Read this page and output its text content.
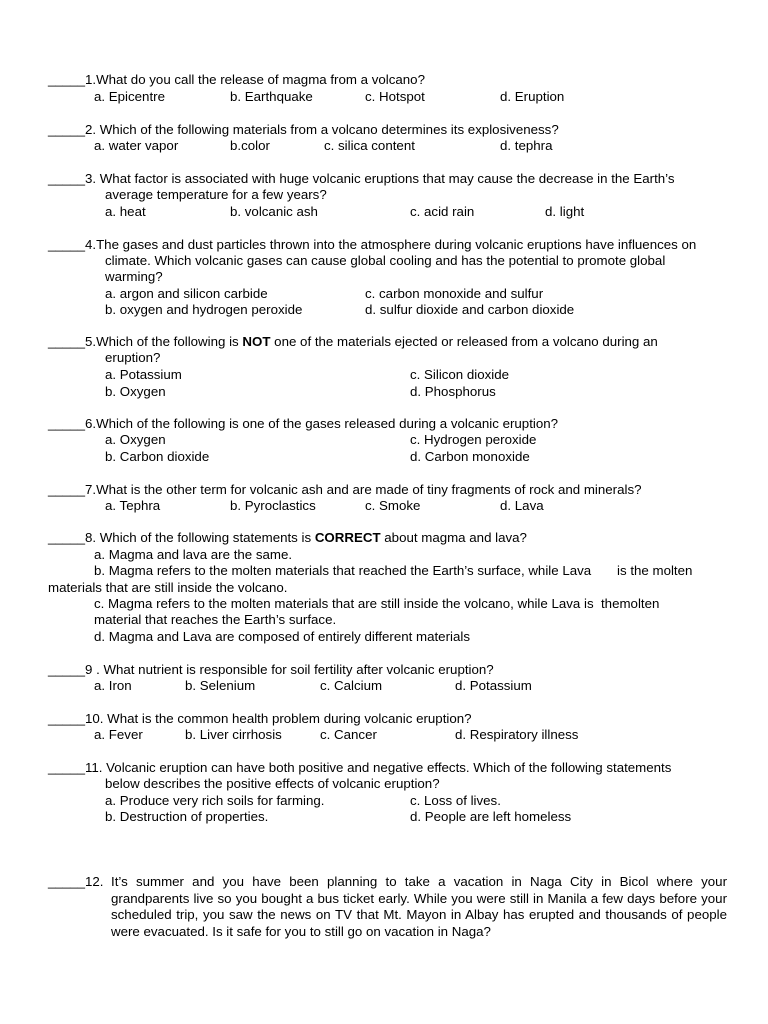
_____1.What do you call the release of magma from a volcano?
a. Epicentre	b. Earthquake	c. Hotspot	d. Eruption
_____2. Which of the following materials from a volcano determines its explosiveness?
a. water vapor	b.color	c. silica content	d. tephra
_____3. What factor is associated with huge volcanic eruptions that may cause the decrease in the Earth’s
average temperature for a few years?
a. heat	b. volcanic ash	c. acid rain	d. light
_____4.The gases and dust particles thrown into the atmosphere during volcanic eruptions have influences on
climate. Which volcanic gases can cause global cooling and has the potential to promote global
warming?
a. argon and silicon carbide	c. carbon monoxide and sulfur
b. oxygen and hydrogen peroxide	d. sulfur dioxide and carbon dioxide
_____5.Which of the following is NOT one of the materials ejected or released from a volcano during an
eruption?
a. Potassium	c. Silicon dioxide
b. Oxygen	d. Phosphorus
_____6.Which of the following is one of the gases released during a volcanic eruption?
a. Oxygen	c. Hydrogen peroxide
b. Carbon dioxide	d. Carbon monoxide
_____7.What is the other term for volcanic ash and are made of tiny fragments of rock and minerals?
a. Tephra	b. Pyroclastics	c. Smoke	d. Lava
_____8. Which of the following statements is CORRECT about magma and lava?
a. Magma and lava are the same.
b. Magma refers to the molten materials that reached the Earth’s surface, while Lava       is the molten
materials that are still inside the volcano.
c. Magma refers to the molten materials that are still inside the volcano, while Lava is  themolten
material that reaches the Earth’s surface.
d. Magma and Lava are composed of entirely different materials
_____9 . What nutrient is responsible for soil fertility after volcanic eruption?
a. Iron	b. Selenium	c. Calcium	d. Potassium
_____10. What is the common health problem during volcanic eruption?
a. Fever	b. Liver cirrhosis	c. Cancer	d. Respiratory illness
_____11. Volcanic eruption can have both positive and negative effects. Which of the following statements
below describes the positive effects of volcanic eruption?
a. Produce very rich soils for farming.	c. Loss of lives.
b. Destruction of properties.	d. People are left homeless
_____12. It’s summer and you have been planning to take a vacation in Naga City in Bicol where your grandparents live so you bought a bus ticket early. While you were still in Manila a few days before your scheduled trip, you saw the news on TV that Mt. Mayon in Albay has erupted and thousands of people were evacuated. Is it safe for you to still go on vacation in Naga?
